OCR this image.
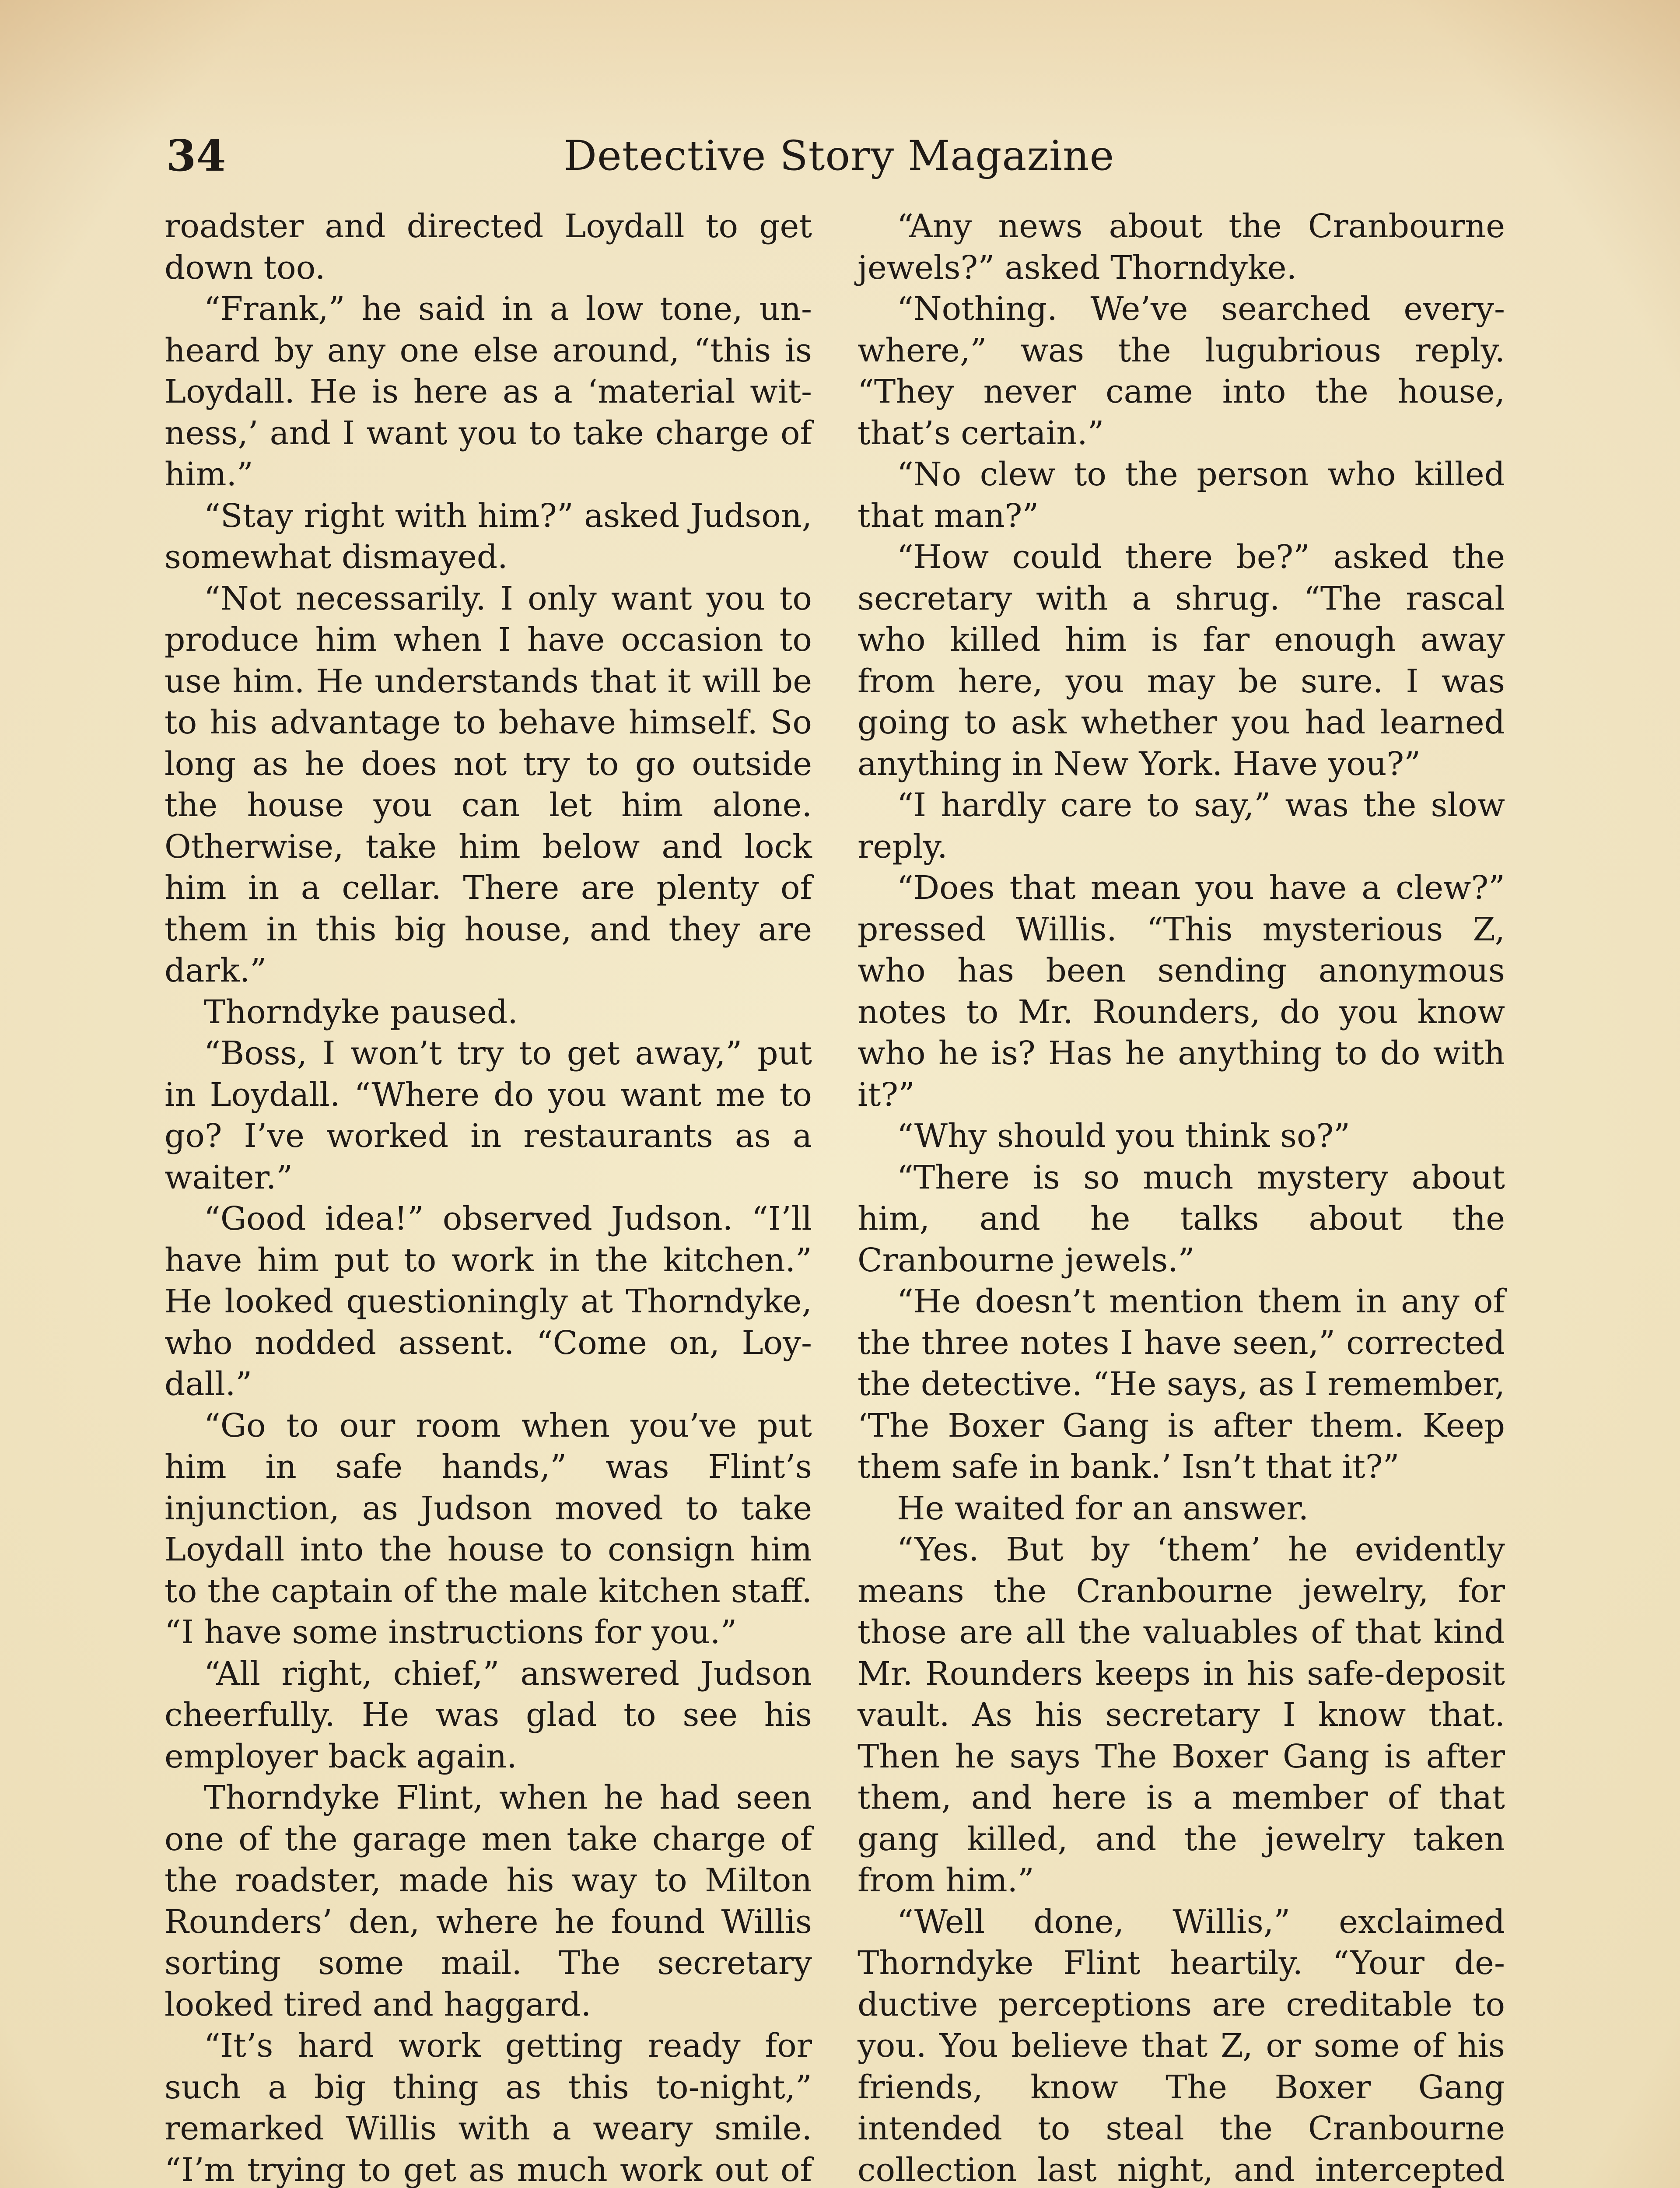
34	Detective Story Magazine

roadster and directed Loydall to get down too.

“Frank,” he said in a low tone, unheard by any one else around, “this is Loydall. He is here as a ‘material witness,’ and I want you to take charge of him.”

“Stay right with him?” asked Judson, somewhat dismayed.

“Not necessarily. I only want you to produce him when I have occasion to use him. He understands that it will be to his advantage to behave himself. So long as he does not try to go outside the house you can let him alone. Otherwise, take him below and lock him in a cellar. There are plenty of them in this big house, and they are dark.”

Thorndyke paused.

“Boss, I won’t try to get away,” put in Loydall. “Where do you want me to go? I’ve worked in restaurants as a waiter.”

“Good idea!” observed Judson. “I’ll have him put to work in the kitchen.” He looked questioningly at Thorndyke, who nodded assent. “Come on, Loydall.”

“Go to our room when you’ve put him in safe hands,” was Flint’s injunction, as Judson moved to take Loydall into the house to consign him to the captain of the male kitchen staff. “I have some instructions for you.”

“All right, chief,” answered Judson cheerfully. He was glad to see his employer back again.

Thorndyke Flint, when he had seen one of the garage men take charge of the roadster, made his way to Milton Rounders’ den, where he found Willis sorting some mail. The secretary looked tired and haggard.

“It’s hard work getting ready for such a big thing as this to-night,” remarked Willis with a weary smile. “I’m trying to get as much work out of

“Any news about the Cranbourne jewels?” asked Thorndyke.

“Nothing. We’ve searched everywhere,” was the lugubrious reply. “They never came into the house, that’s certain.”

“No clew to the person who killed that man?”

“How could there be?” asked the secretary with a shrug. “The rascal who killed him is far enough away from here, you may be sure. I was going to ask whether you had learned anything in New York. Have you?”

“I hardly care to say,” was the slow reply.

“Does that mean you have a clew?” pressed Willis. “This mysterious Z, who has been sending anonymous notes to Mr. Rounders, do you know who he is? Has he anything to do with it?”

“Why should you think so?”

“There is so much mystery about him, and he talks about the Cranbourne jewels.”

“He doesn’t mention them in any of the three notes I have seen,” corrected the detective. “He says, as I remember, ‘The Boxer Gang is after them. Keep them safe in bank.’ Isn’t that it?”

He waited for an answer.

“Yes. But by ‘them’ he evidently means the Cranbourne jewelry, for those are all the valuables of that kind Mr. Rounders keeps in his safe-deposit vault. As his secretary I know that. Then he says The Boxer Gang is after them, and here is a member of that gang killed, and the jewelry taken from him.”

“Well done, Willis,” exclaimed Thorndyke Flint heartily. “Your deductive perceptions are creditable to you. You believe that Z, or some of his friends, know The Boxer Gang intended to steal the Cranbourne collection last night, and intercepted
